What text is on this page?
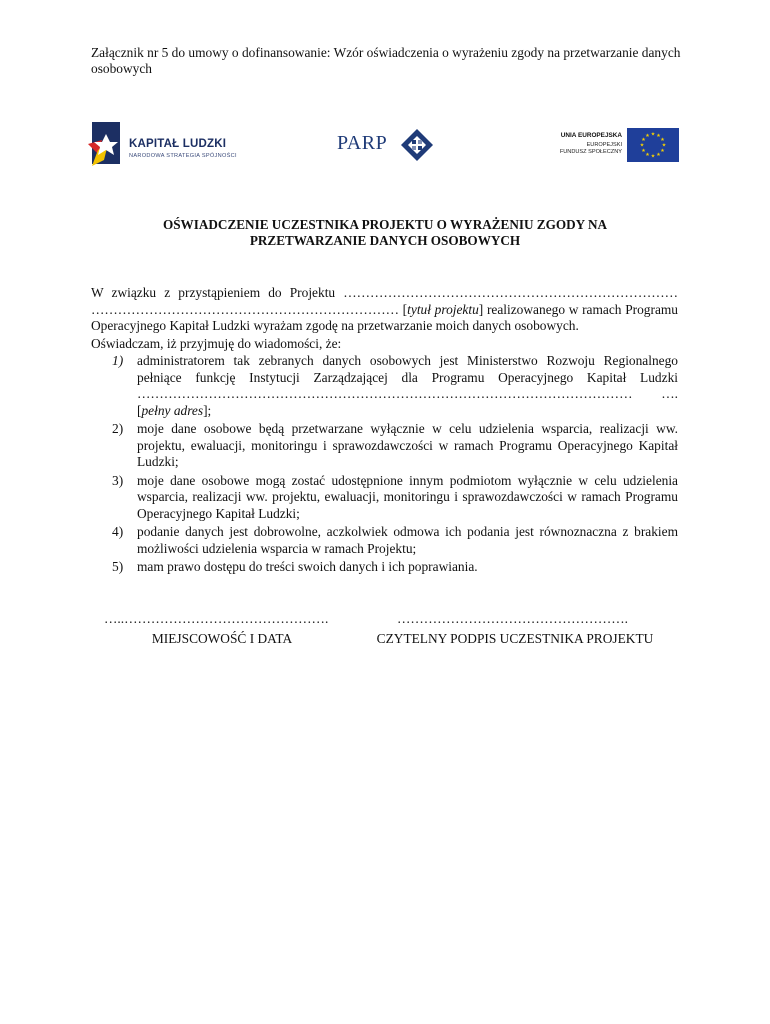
Załącznik nr 5 do umowy o dofinansowanie: Wzór oświadczenia o wyrażeniu zgody na przetwarzanie danych osobowych
KAPITAŁ LUDZKI
NARODOWA STRATEGIA SPÓJNOŚCI
PARP	UNIA EUROPEJSKA
EUROPEJSKI
FUNDUSZ SPOŁECZNY
★ ★
★
★
★
★
★
★
★
★
★
★
OŚWIADCZENIE UCZESTNIKA PROJEKTU O WYRAŻENIU ZGODY NA
PRZETWARZANIE DANYCH OSOBOWYCH
W związku z przystąpieniem do Projektu ………………………………………………………………… …………………………………………………………… [tytuł projektu] realizowanego w ramach Programu Operacyjnego Kapitał Ludzki wyrażam zgodę na przetwarzanie moich danych osobowych.
Oświadczam, iż przyjmuję do wiadomości, że:
1) administratorem tak zebranych danych osobowych jest Ministerstwo Rozwoju Regionalnego pełniące funkcję Instytucji Zarządzającej dla Programu Operacyjnego Kapitał Ludzki ………………………………………………………………………………………………… …. [pełny adres];
2) moje dane osobowe będą przetwarzane wyłącznie w celu udzielenia wsparcia, realizacji ww. projektu, ewaluacji, monitoringu i sprawozdawczości w ramach Programu Operacyjnego Kapitał Ludzki;
3) moje dane osobowe mogą zostać udostępnione innym podmiotom wyłącznie w celu udzielenia wsparcia, realizacji ww. projektu, ewaluacji, monitoringu i sprawozdawczości w ramach Programu Operacyjnego Kapitał Ludzki;
4) podanie danych jest dobrowolne, aczkolwiek odmowa ich podania jest równoznaczna z brakiem możliwości udzielenia wsparcia w ramach Projektu;
5) mam prawo dostępu do treści swoich danych i ich poprawiania.
…..……………………………………….	…………………………………………….
MIEJSCOWOŚĆ I DATA	CZYTELNY PODPIS UCZESTNIKA PROJEKTU
